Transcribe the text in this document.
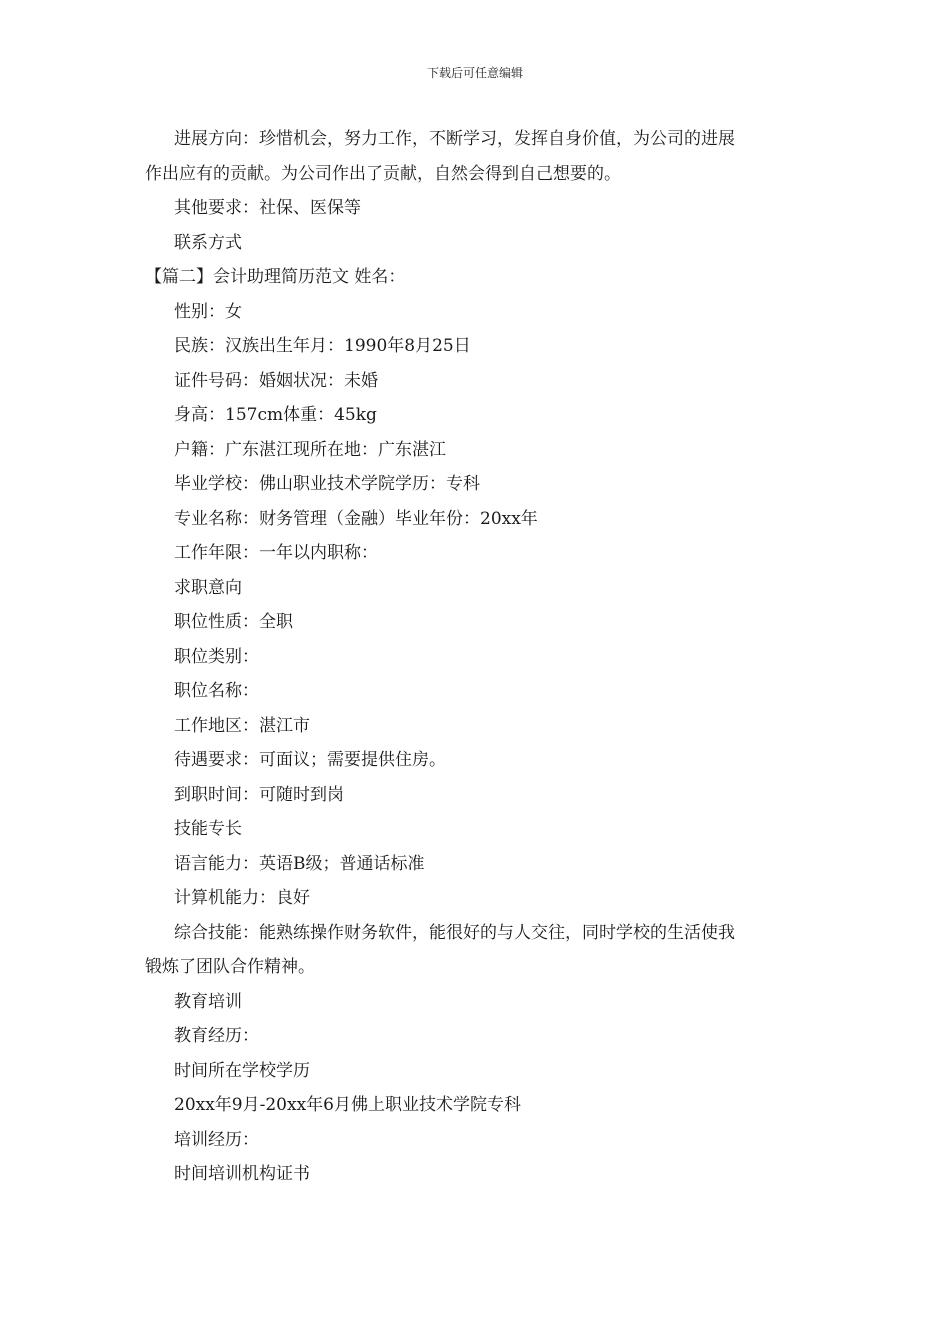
下载后可任意编辑
进展方向：珍惜机会，努力工作，不断学习，发挥自身价值，为公司的进展
作出应有的贡献。为公司作出了贡献，自然会得到自己想要的。
其他要求：社保、医保等
联系方式
【篇二】会计助理简历范文 姓名：
性别：女
民族：汉族出生年月：1990年8月25日
证件号码：婚姻状况：未婚
身高：157cm体重：45kg
户籍：广东湛江现所在地：广东湛江
毕业学校：佛山职业技术学院学历：专科
专业名称：财务管理（金融）毕业年份：20xx年
工作年限：一年以内职称：
求职意向
职位性质：全职
职位类别：
职位名称：
工作地区：湛江市
待遇要求：可面议；需要提供住房。
到职时间：可随时到岗
技能专长
语言能力：英语B级；普通话标准
计算机能力：良好
综合技能：能熟练操作财务软件，能很好的与人交往，同时学校的生活使我
锻炼了团队合作精神。
教育培训
教育经历：
时间所在学校学历
20xx年9月-20xx年6月佛上职业技术学院专科
培训经历：
时间培训机构证书
